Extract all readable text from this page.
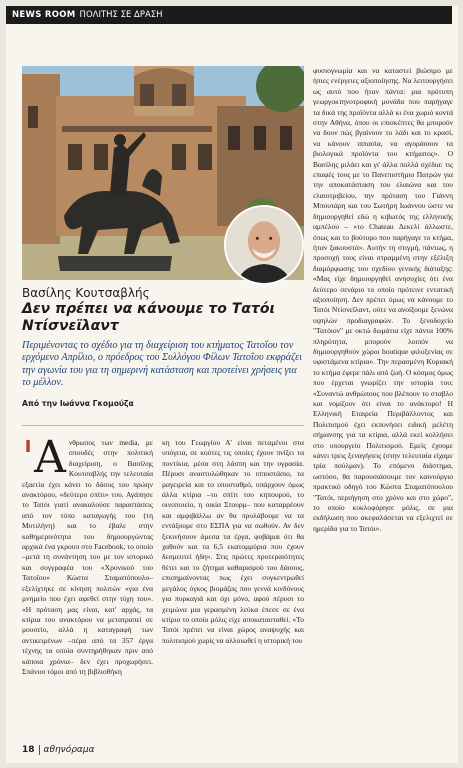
NEWS ROOM ΠΟΛΙΤΗΣ ΣΕ ΔΡΑΣΗ
Βασίλης Κουτσαβλής
Δεν πρέπει να κάνουμε το Τατόι Ντίσνεϊλαντ
Περιμένοντας το σχέδιο για τη διαχείριση του κτήματος Τατοΐου τον ερχόμενο Απρίλιο, ο πρόεδρος του Συλλόγου Φίλων Τατοΐου εκφράζει την αγωνία του για τη σημερινή κατάσταση και προτείνει χρήσεις για το μέλλον.
Από την Ιωάννα Γκομούζα
'Α νθρωπος των media, με σπουδές στην πολιτική διαχείριση, ο Βασίλης Κουτσαβλής την τελευταία εξαετία έχει κάνει το δάσος του πρώην ανακτόρου, «δεύτερο σπίτι» του. Αγάπησε το Τατόι γιατί ανακαλούσε παραστάσεις από τον τόπο καταγωγής του (τη Μυτιλήνη) και το έβαλε στην καθημερινότητα του δημιουργώντας αρχικά ένα γκρουπ στο Facebook, το οποίο –μετά τη συνάντηση του με τον ιστορικό και συγγραφέα του «Χρονικού του Τατοΐου» Κώστα Σταματόπουλο– εξελίχτηκε σε κίνηση πολιτών «για ένα μνημείο που έχει αφεθεί στην τύχη του». «Η πρόταση μας είναι, κατ' αρχάς, τα κτίρια του ανακτόρου να μετατραπεί σε μουσείο, αλλά η καταγραφή των αντικειμένων –πέρα από τα 357 έργα τέχνης τα οποία συντηρήθηκαν πριν από κάποια χρόνια– δεν έχει προχωρήσει. Σπάνιοι τόμοι από τη βιβλιοθήκη
κη του Γεωργίου Α' είναι πεταμένοι στα υπόγεια, σε κούτες τις οποίες έχουν πνίξει τα ποντίκια, μέσα στη λάσπη και την υγρασία. Πέρυσι αναστυλώθηκαν το ιπποστάσιο, τα μαγειρεία και το υποσταθμό, υπάρχουν όμως άλλα κτίρια –το σπίτι του κηπουρού, το οινοποιείο, η οικία Στουρμ– που καταρρέουν και αμφιβάλλω αν θα προλάβουμε να τα εντάξουμε στο ΕΣΠΑ για να σωθούν. Αν δεν ξεκινήσουν άμεσα τα έργα, φοβάμαι ότι θα χαθούν και τα 6,5 εκατομμύρια που έχουν δεσμευτεί ήδη». Στις πρώτες προτεραιότητες θέτει και το ζήτημα καθαρισμού του δάσους, επισημαίνοντας πως έχει συγκεντρωθεί μεγάλος όγκος βιομάζας που γεννά κινδύνους για πυρκαγιά και όχι μόνο, αφού πέρυσι το χειμώνα μια γερασμένη λεύκα έπεσε σε ένα κτίριο το οποίο μόλις είχε αποκατασταθεί. «Το Τατόι πρέπει να είναι χώρος αναψυχής και πολιτισμού χωρίς να αλλοιωθεί η ιστορική του
φυσιογνωμία και να καταστεί βιώσιμο με ήπιες ενέργειες αξιοποίησης. Να λειτουργήσει ως αυτό που ήταν πάντα: μια πρότυπη γεωργοκτηνοτροφική μονάδα που παρήγαγε τα δικά της προϊόντα αλλά κι ένα χωριό κοντά στην Αθήνα, όπου οι επισκέπτες θα μπορούν να δουν πώς βγαίνουν το λάδι και το κρασί, να κάνουν ιππασία, να αγοράσουν τα βιολογικά προϊόντα του κτήματος». Ο Βασίλης μιλάει και γι' άλλα πολλά σχέδια: τις επαφές τους με το Πανεπιστήμιο Πατρών για την αποκατάσταση του ελαιώνα και του ελαιοτριβείου, την πρόταση του Γιάννη Μπουτάρη και του Σωτήρη Ιωάννου ώστε να δημιουργηθεί εδώ η κιβωτός της ελληνικής αμπέλου – «το Chateau Δεκελί άλλωστε, όπως και το βούτυρο που παρήγαγε το κτήμα, ήταν ξακουστά». Αυτήν τη στιγμή, πάντως, η προσοχή τους είναι στραμμένη στην εξέλιξη διαμόρφωσης του σχεδίου γενικής διάταξης: «Μας είχε δημιουργηθεί ανησυχίες ότι ένα δεύτερο σενάριο το οποίο πρότεινε εντατική αξιοποίηση. Δεν πρέπει όμως να κάνουμε το Τατόι Ντίσνεϊλαντ, ούτε να ανοίξουμε ξενώνα υψηλών προδιαγραφών. Το ξενοδοχείο "Τατόιον" με οκτώ δωμάτια είχε πάντα 100% πληρότητα, μπορούν λοιπόν να δημιουργηθούν χώροι boutique φιλοξενίας σε υφιστάμενα κτίρια». Την περασμένη Κυριακή το κτήμα έφερε πάλι από ζωή. Ο κόσμος όμως που έρχεται γνωρίζει την ιστορία του; «Συναντώ ανθρώπους που βλέπουν το σταβλο και νομίζουν ότι είναι το ανάκτορο! Η Ελληνική Εταιρεία Περιβάλλοντος και Πολιτισμού έχει εκπονήσει ειδική μελέτη σήμανσης για τα κτίρια, αλλά εκεί κολλήσει στο υπουργείο Πολιτισμού. Εμείς έχουμε κάνει τρεις ξεναγήσεις (στην τελευταία είχαμε τρία πούλμαν). Το επόμενο διάστημα, ωστόσο, θα παρουσιάσουμε τον καινούργιο πρακτικό οδηγό του Κώστα Σταματόπουλου "Τατόι, περιήγηση στο χρόνο και στο χώρο", το οποίο κυκλοφόρησε μόλις, σε μια εκδήλωση που ακεφαλάσεται να εξελιχτεί σε ημερίδα για το Τατόι».
18 αθηνόραμα
